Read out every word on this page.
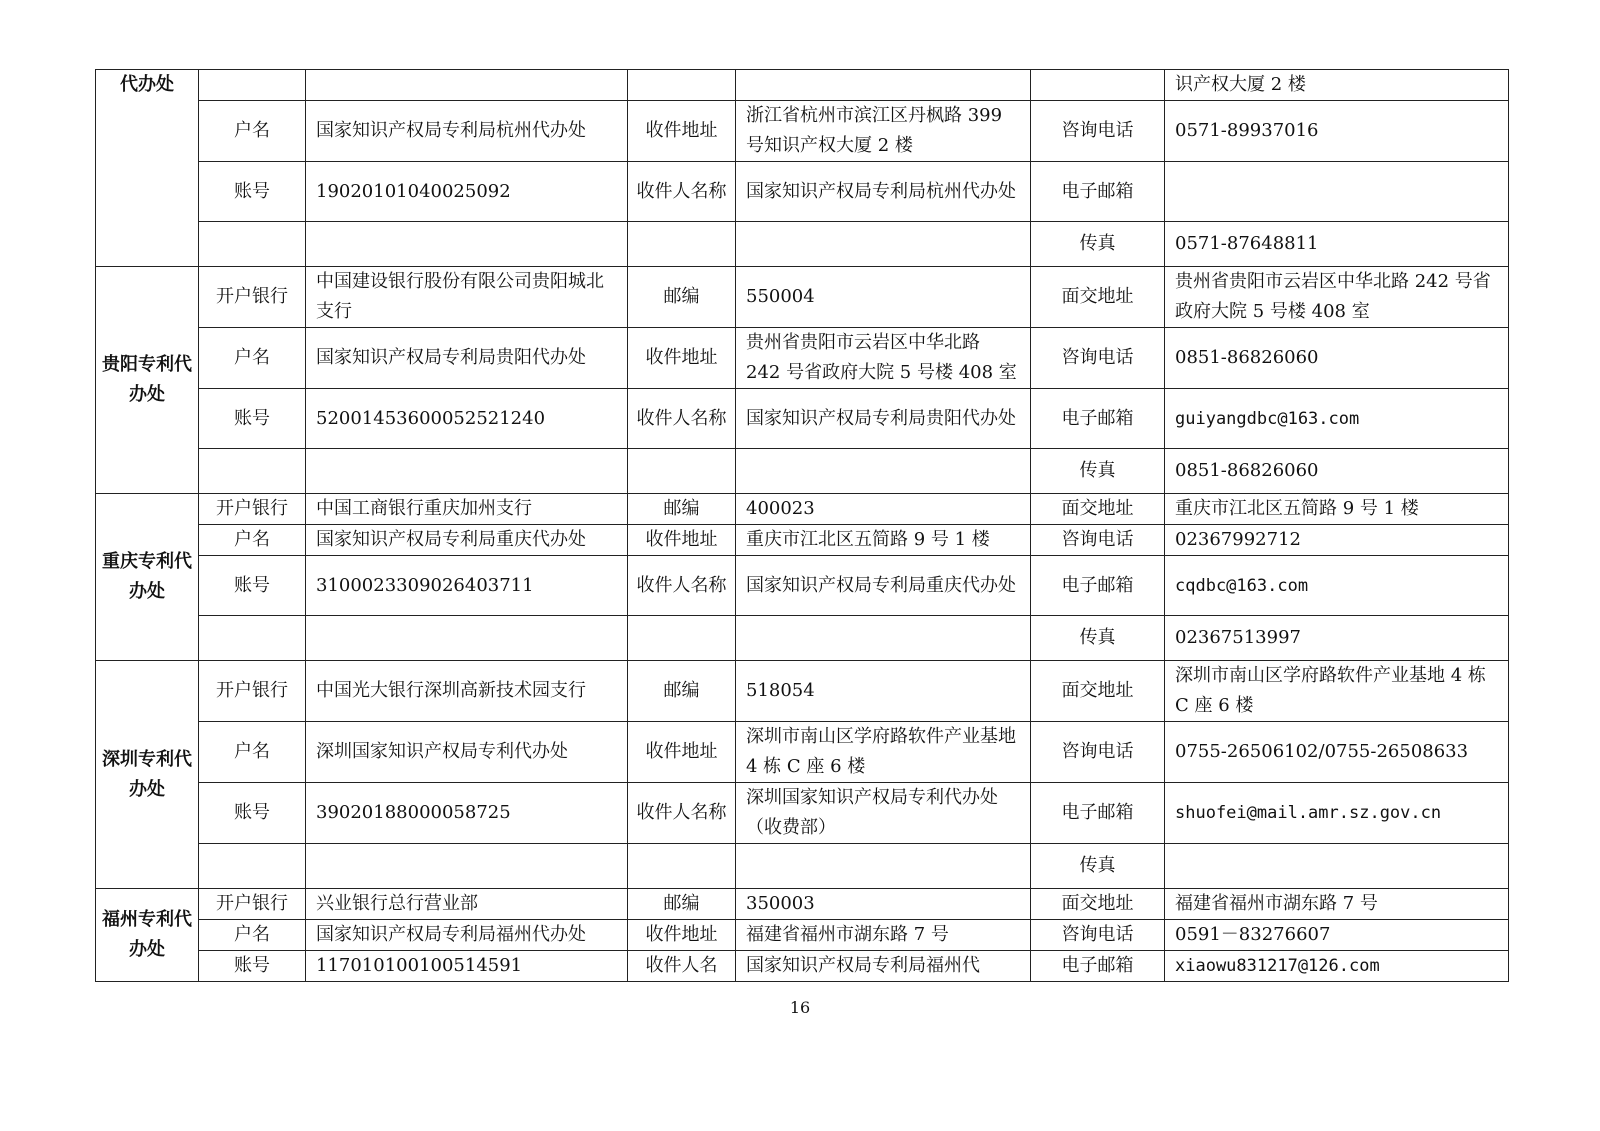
代办处						识产权大厦 2 楼
	户名	国家知识产权局专利局杭州代办处	收件地址	浙江省杭州市滨江区丹枫路 399 号知识产权大厦 2 楼	咨询电话	0571-89937016
	账号	19020101040025092	收件人名称	国家知识产权局专利局杭州代办处	电子邮箱	
					传真	0571-87648811
贵阳专利代办处	开户银行	中国建设银行股份有限公司贵阳城北支行	邮编	550004	面交地址	贵州省贵阳市云岩区中华北路 242 号省政府大院 5 号楼 408 室
	户名	国家知识产权局专利局贵阳代办处	收件地址	贵州省贵阳市云岩区中华北路 242 号省政府大院 5 号楼 408 室	咨询电话	0851-86826060
	账号	52001453600052521240	收件人名称	国家知识产权局专利局贵阳代办处	电子邮箱	guiyangdbc@163.com
					传真	0851-86826060
重庆专利代办处	开户银行	中国工商银行重庆加州支行	邮编	400023	面交地址	重庆市江北区五简路 9 号 1 楼
	户名	国家知识产权局专利局重庆代办处	收件地址	重庆市江北区五简路 9 号 1 楼	咨询电话	02367992712
	账号	3100023309026403711	收件人名称	国家知识产权局专利局重庆代办处	电子邮箱	cqdbc@163.com
					传真	02367513997
深圳专利代办处	开户银行	中国光大银行深圳高新技术园支行	邮编	518054	面交地址	深圳市南山区学府路软件产业基地 4 栋 C 座 6 楼
	户名	深圳国家知识产权局专利代办处	收件地址	深圳市南山区学府路软件产业基地 4 栋 C 座 6 楼	咨询电话	0755-26506102/0755-26508633
	账号	39020188000058725	收件人名称	深圳国家知识产权局专利代办处 （收费部）	电子邮箱	shuofei@mail.amr.sz.gov.cn
					传真	
福州专利代办处	开户银行	兴业银行总行营业部	邮编	350003	面交地址	福建省福州市湖东路 7 号
	户名	国家知识产权局专利局福州代办处	收件地址	福建省福州市湖东路 7 号	咨询电话	0591－83276607
	账号	117010100100514591	收件人名	国家知识产权局专利局福州代	电子邮箱	xiaowu831217@126.com
16
